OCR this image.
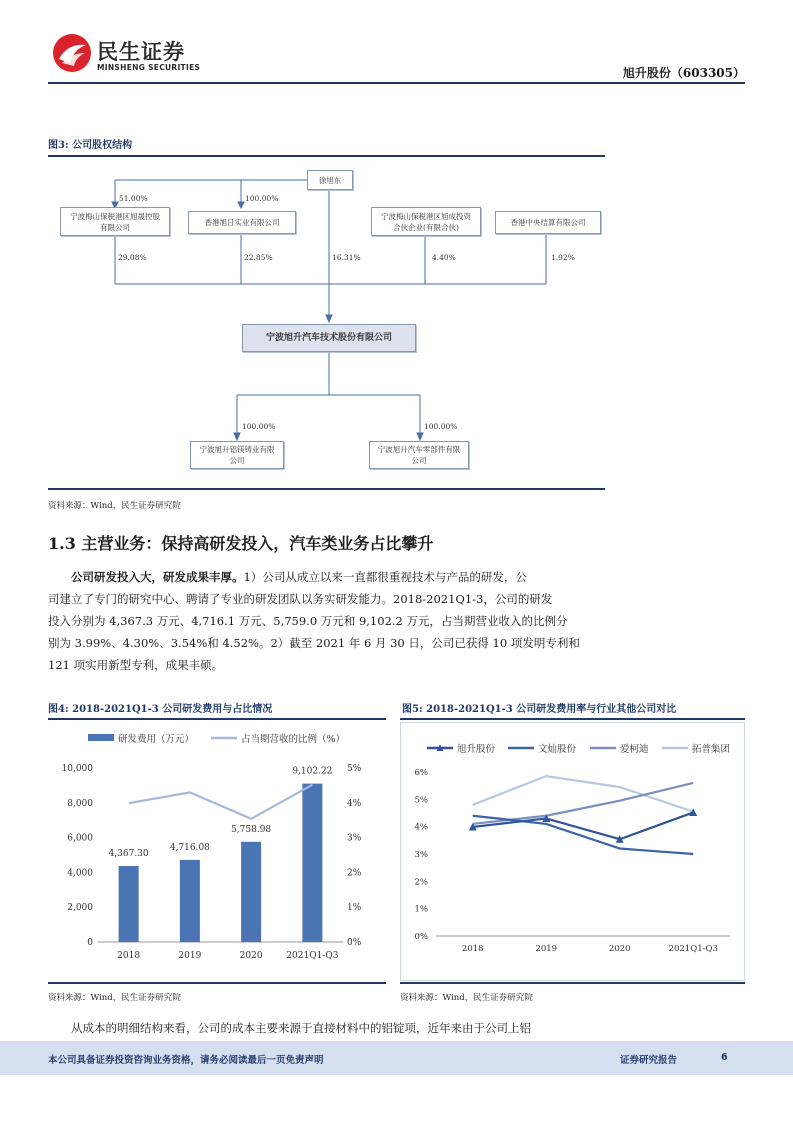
民生证券
MINSHENG SECURITIES	旭升股份（603305）
图3: 公司股权结构
徐旭东
51.00%	100.00%
宁波梅山保税港区旭晟控股有限公司	香港旭日实业有限公司
宁波梅山保税港区旭成投资合伙企业(有限合伙)	香港中央结算有限公司
29.08%	22.85%	16.31%	4.40%	1.92%
宁波旭升汽车技术股份有限公司
100.00%	100.00%
宁波旭升铝镁铸业有限公司
宁波旭升汽车零部件有限公司
资料来源：Wind，民生证券研究院
1.3 主营业务：保持高研发投入，汽车类业务占比攀升
公司研发投入大，研发成果丰厚。1）公司从成立以来一直都很重视技术与产品的研发，公
司建立了专门的研究中心、聘请了专业的研发团队以务实研发能力。2018-2021Q1-3，公司的研发
投入分别为 4,367.3 万元、4,716.1 万元、5,759.0 万元和 9,102.2 万元，占当期营业收入的比例分
别为 3.99%、4.30%、3.54%和 4.52%。2）截至 2021 年 6 月 30 日，公司已获得 10 项发明专利和
121 项实用新型专利，成果丰硕。
图4: 2018-2021Q1-3 公司研发费用与占比情况
研发费用（万元）	占当期营收的比例（%）
0
2,000
4,000
6,000
8,000
10,000
0%
1%
2%
3%
4%
5%
4,367.30
2018
4,716.08
2019
5,758.98
2020
9,102.22
2021Q1-Q3
资料来源：Wind，民生证券研究院
图5: 2018-2021Q1-3 公司研发费用率与行业其他公司对比
旭升股份	文灿股份	爱柯迪	拓普集团
0%
1%
2%
3%
4%
5%
6%
2018	2019	2020	2021Q1-Q3
资料来源：Wind，民生证券研究院
从成本的明细结构来看，公司的成本主要来源于直接材料中的铝锭项，近年来由于公司上铝
本公司具备证券投资咨询业务资格，请务必阅读最后一页免责声明	证券研究报告	6
